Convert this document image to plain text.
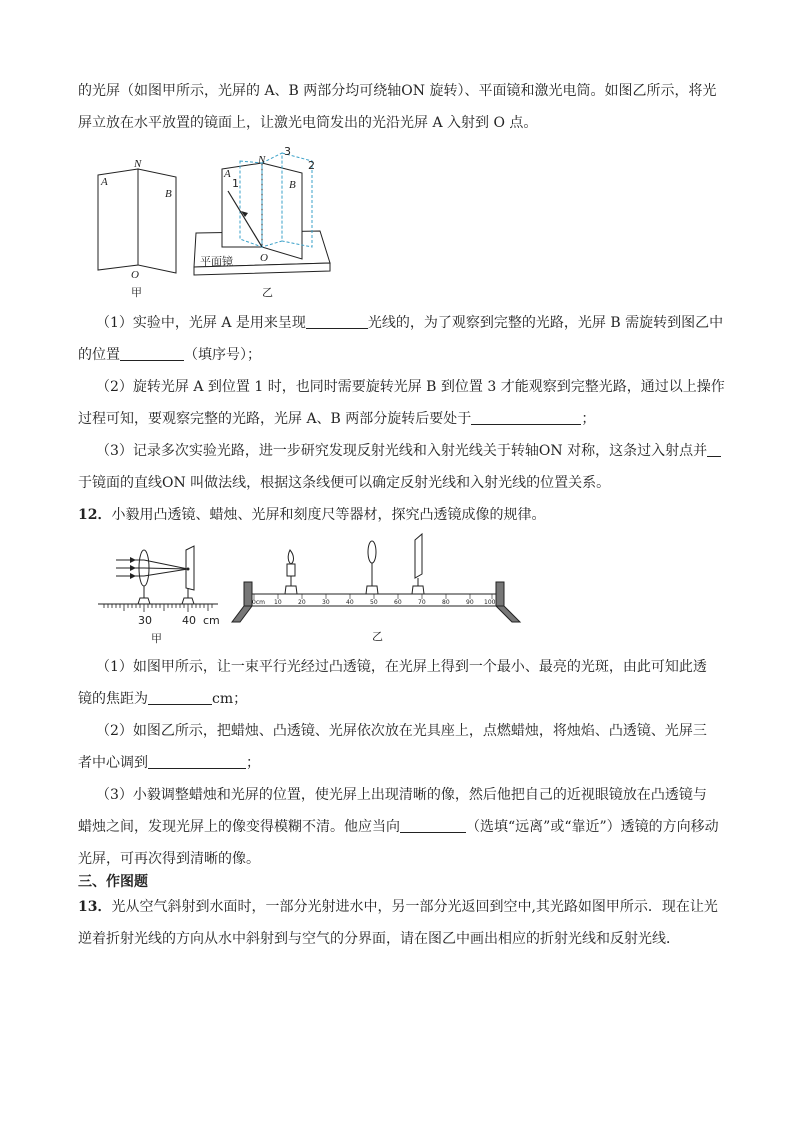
的光屏（如图甲所示，光屏的 A、B 两部分均可绕轴ON 旋转）、平面镜和激光电筒。如图乙所示，将光
屏立放在水平放置的镜面上，让激光电筒发出的光沿光屏 A 入射到 O 点。
A
N
B
O
甲
A
N
B
O
1
2
3
平面镜
乙
（1）实验中，光屏 A 是用来呈现	光线的，为了观察到完整的光路，光屏 B 需旋转到图乙中
的位置	（填序号）；
（2）旋转光屏 A 到位置 1 时，也同时需要旋转光屏 B 到位置 3 才能观察到完整光路，通过以上操作
过程可知，要观察完整的光路，光屏 A、B 两部分旋转后要处于	；
（3）记录多次实验光路，进一步研究发现反射光线和入射光线关于转轴ON 对称，这条过入射点并
于镜面的直线ON 叫做法线，根据这条线便可以确定反射光线和入射光线的位置关系。
12．小毅用凸透镜、蜡烛、光屏和刻度尺等器材，探究凸透镜成像的规律。
30	40 cm
甲
0cm 10	20	30	40	50	60	70	80	90 100
乙
（1）如图甲所示，让一束平行光经过凸透镜，在光屏上得到一个最小、最亮的光斑，由此可知此透
镜的焦距为	cm；
（2）如图乙所示，把蜡烛、凸透镜、光屏依次放在光具座上，点燃蜡烛，将烛焰、凸透镜、光屏三
者中心调到	；
（3）小毅调整蜡烛和光屏的位置，使光屏上出现清晰的像，然后他把自己的近视眼镜放在凸透镜与
蜡烛之间，发现光屏上的像变得模糊不清。他应当向	（选填“远离”或“靠近”）透镜的方向移动
光屏，可再次得到清晰的像。
三、作图题
13．光从空气斜射到水面时，一部分光射进水中，另一部分光返回到空中,其光路如图甲所示．现在让光
逆着折射光线的方向从水中斜射到与空气的分界面，请在图乙中画出相应的折射光线和反射光线．
